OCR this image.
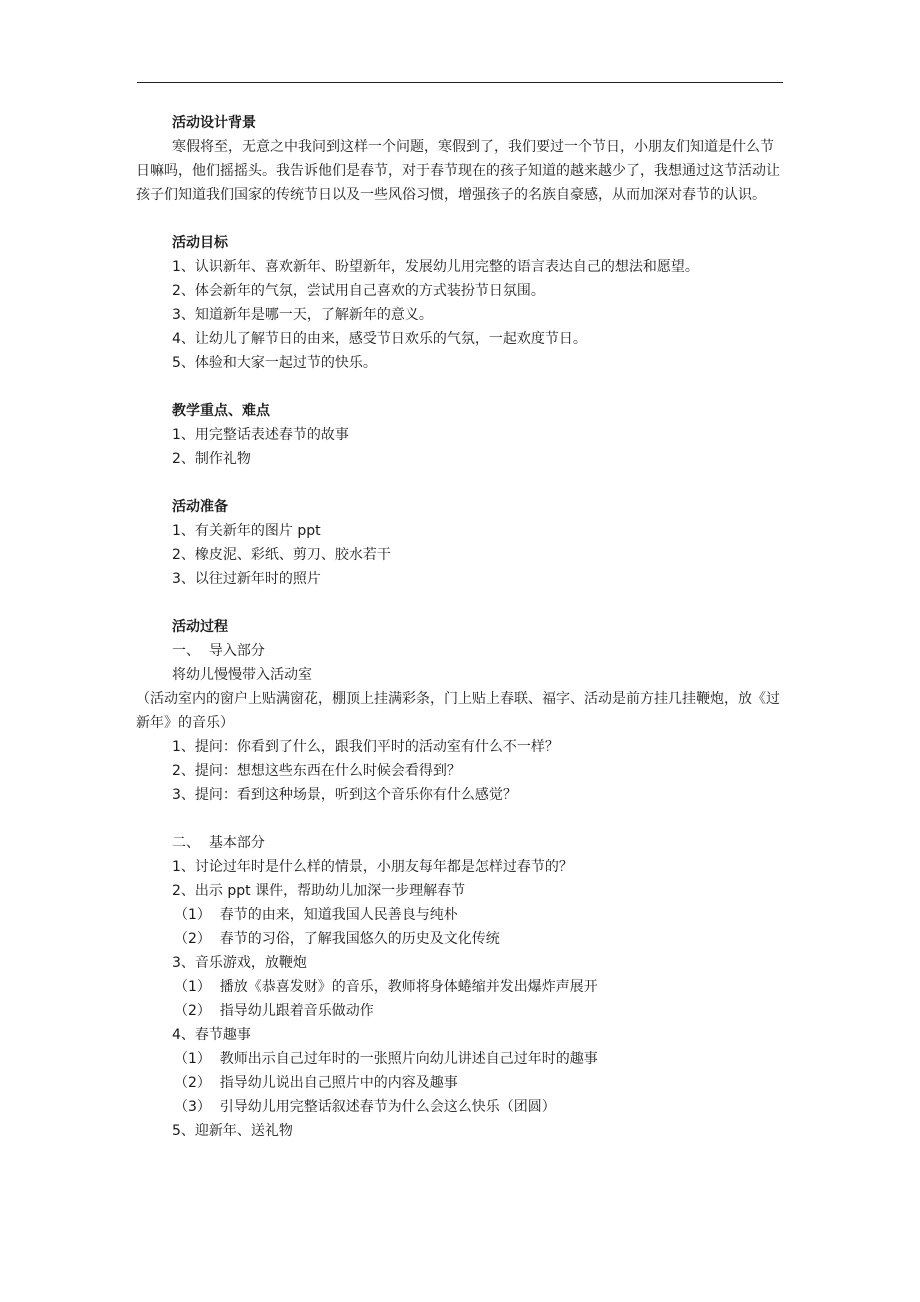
活动设计背景

寒假将至，无意之中我问到这样一个问题，寒假到了，我们要过一个节日，小朋友们知道是什么节日嘛吗，他们摇摇头。我告诉他们是春节，对于春节现在的孩子知道的越来越少了，我想通过这节活动让孩子们知道我们国家的传统节日以及一些风俗习惯，增强孩子的名族自豪感，从而加深对春节的认识。

活动目标

1、认识新年、喜欢新年、盼望新年，发展幼儿用完整的语言表达自己的想法和愿望。

2、体会新年的气氛，尝试用自己喜欢的方式装扮节日氛围。

3、知道新年是哪一天，了解新年的意义。

4、让幼儿了解节日的由来，感受节日欢乐的气氛，一起欢度节日。

5、体验和大家一起过节的快乐。

教学重点、难点

1、用完整话表述春节的故事

2、制作礼物

活动准备

1、有关新年的图片 ppt

2、橡皮泥、彩纸、剪刀、胶水若干

3、以往过新年时的照片

活动过程

一、  导入部分

将幼儿慢慢带入活动室

（活动室内的窗户上贴满窗花，棚顶上挂满彩条，门上贴上春联、福字、活动是前方挂几挂鞭炮，放《过新年》的音乐）

1、提问：你看到了什么，跟我们平时的活动室有什么不一样？

2、提问：想想这些东西在什么时候会看得到？

3、提问：看到这种场景，听到这个音乐你有什么感觉？

二、  基本部分

1、讨论过年时是什么样的情景，小朋友每年都是怎样过春节的？

2、出示 ppt 课件，帮助幼儿加深一步理解春节

（1）  春节的由来，知道我国人民善良与纯朴

（2）  春节的习俗，了解我国悠久的历史及文化传统

3、音乐游戏，放鞭炮

（1）  播放《恭喜发财》的音乐，教师将身体蜷缩并发出爆炸声展开

（2）  指导幼儿跟着音乐做动作

4、春节趣事

（1）  教师出示自己过年时的一张照片向幼儿讲述自己过年时的趣事

（2）  指导幼儿说出自己照片中的内容及趣事

（3）  引导幼儿用完整话叙述春节为什么会这么快乐（团圆）

5、迎新年、送礼物
